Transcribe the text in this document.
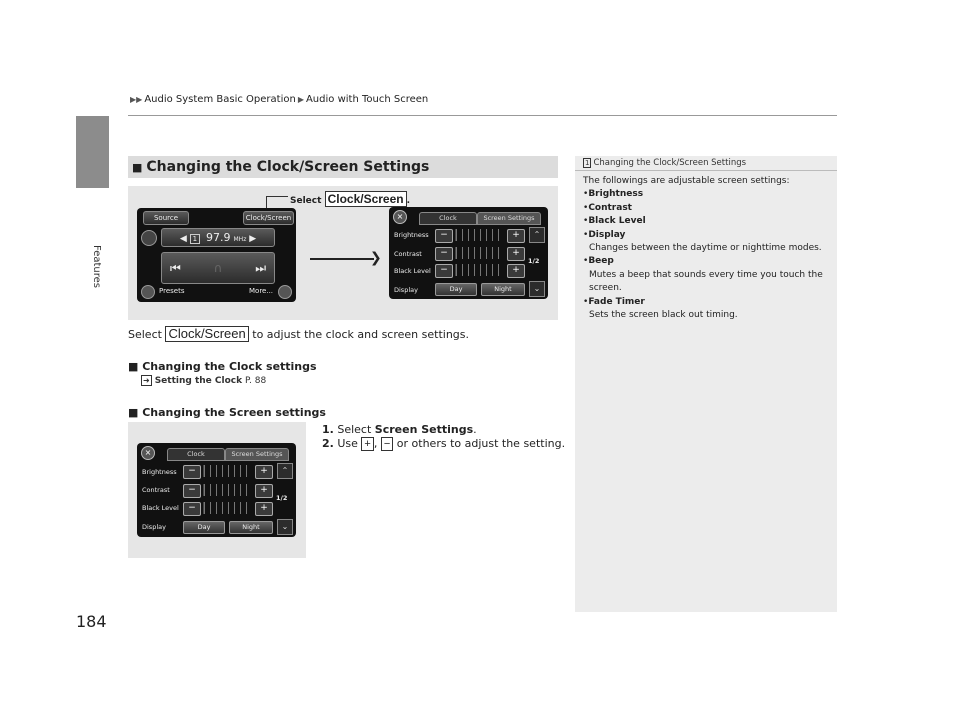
▶▶ Audio System Basic Operation ▶ Audio with Touch Screen
Features
184
■ Changing the Clock/Screen Settings
Select Clock/Screen .
Source	Clock/Screen
◀ 1 97.9 MHz ▶
⏮	∩	⏭
Presets	More...
❯
×	Clock	Screen Settings
Brightness
Contrast
Black Level
Display
−	+
−	+
−	+
Day	Night
⌃
1/2
⌄
Select Clock/Screen to adjust the clock and screen settings.
■ Changing the Clock settings
➜ Setting the Clock P. 88
■ Changing the Screen settings
1. Select Screen Settings.
2. Use + , − or others to adjust the setting.
×	Clock	Screen Settings
Brightness
Contrast
Black Level
Display
−	+
−	+
−	+
Day	Night
⌃
1/2
⌄
1 Changing the Clock/Screen Settings
The followings are adjustable screen settings:
•Brightness
•Contrast
•Black Level
•Display
Changes between the daytime or nighttime modes.
•Beep
Mutes a beep that sounds every time you touch the screen.
•Fade Timer
Sets the screen black out timing.
